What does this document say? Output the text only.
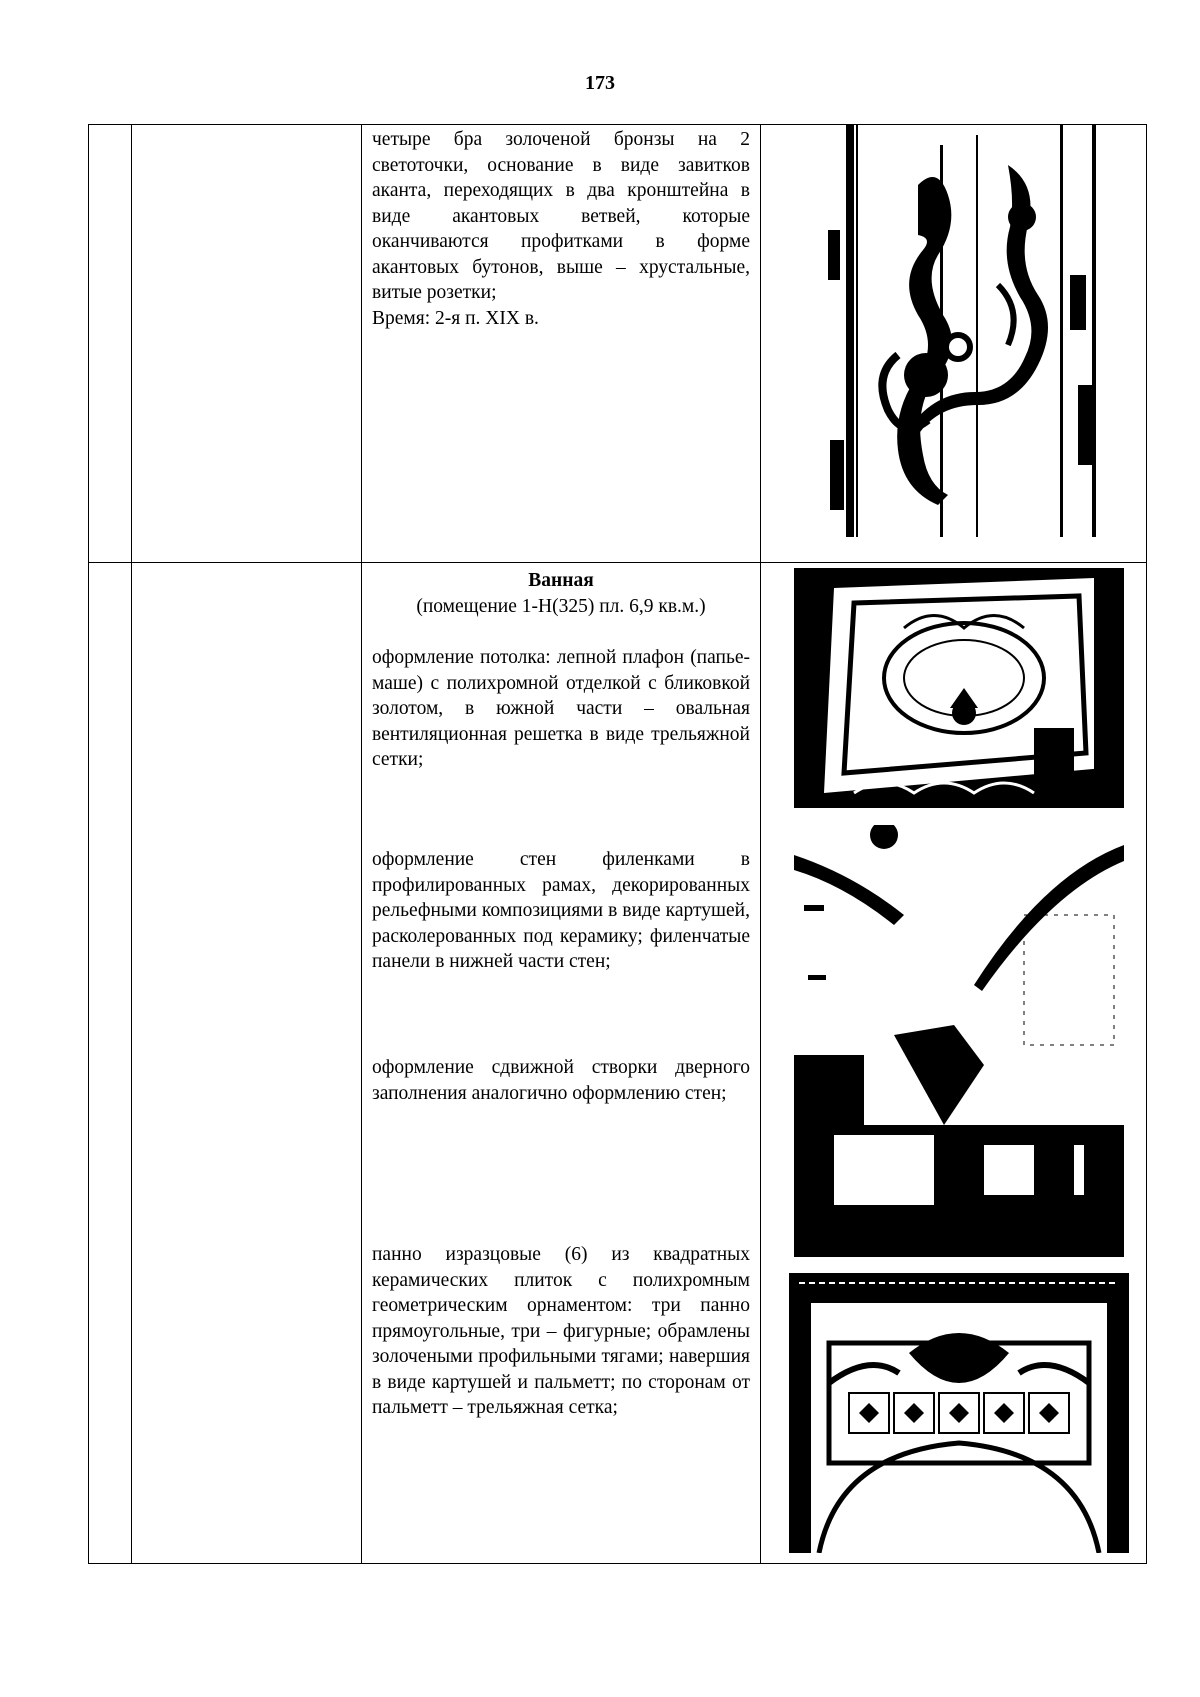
173

четыре бра золоченой бронзы на 2 светоточки, основание в виде завитков аканта, переходящих в два кронштейна в виде акантовых ветвей, которые оканчиваются профитками в форме акантовых бутонов, выше – хрустальные, витые розетки;

Время: 2-я п. XIX в.

Ванная

(помещение 1-Н(325) пл. 6,9 кв.м.)

оформление потолка: лепной плафон (папье-маше) с полихромной отделкой с бликовкой золотом, в южной части – овальная вентиляционная решетка в виде трельяжной сетки;

оформление стен филенками в профилированных рамах, декорированных рельефными композициями в виде картушей, расколерованных под керамику; филенчатые панели в нижней части стен;

оформление сдвижной створки дверного заполнения аналогично оформлению стен;

панно изразцовые (6) из квадратных керамических плиток с полихромным геометрическим орнаментом: три панно прямоугольные, три – фигурные; обрамлены золочеными профильными тягами; навершия в виде картушей и пальметт; по сторонам от пальметт – трельяжная сетка;
